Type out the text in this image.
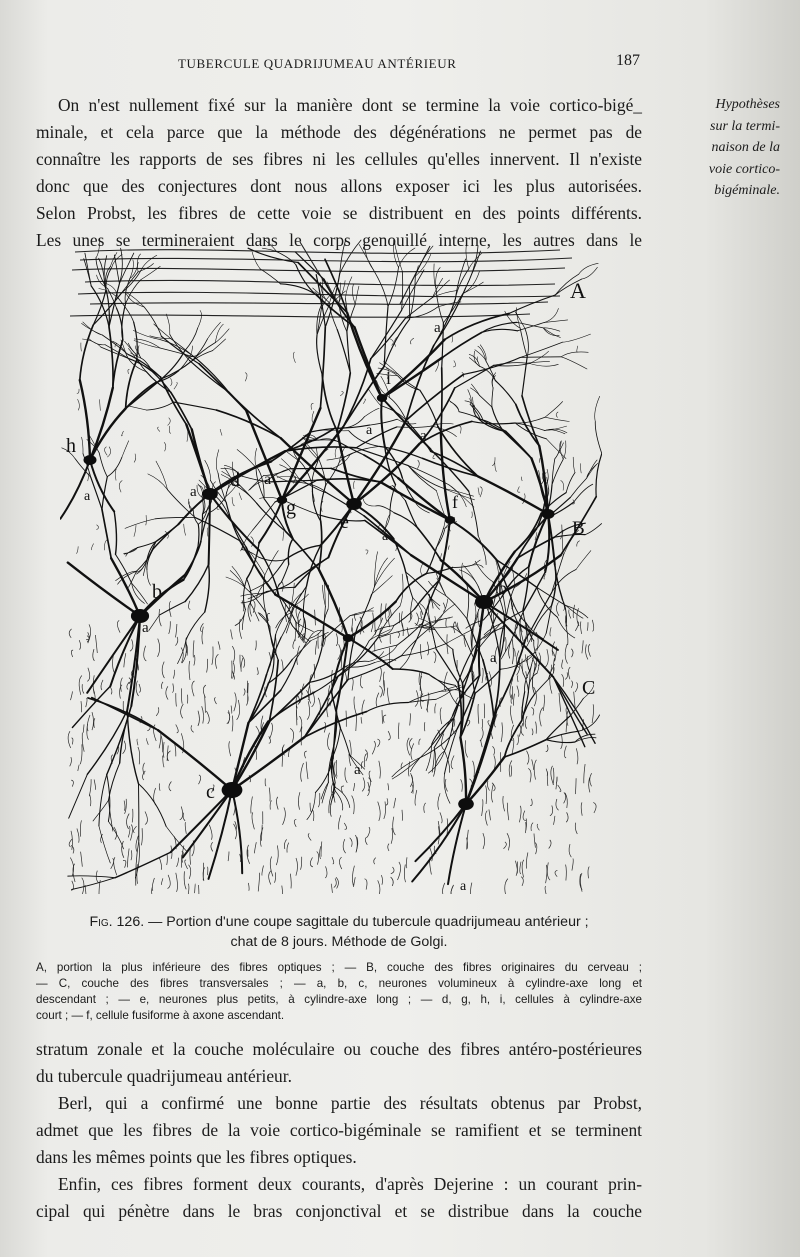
TUBERCULE QUADRIJUMEAU ANTÉRIEUR	187

On n'est nullement fixé sur la manière dont se termine la voie cortico-bigé_
minale, et cela parce que la méthode des dégénérations ne permet pas de
connaître les rapports de ses fibres ni les cellules qu'elles innervent. Il n'existe
donc que des conjectures dont nous allons exposer ici les plus autorisées.
Selon Probst, les fibres de cette voie se distribuent en des points différents.
Les unes se termineraient dans le corps genouillé interne, les autres dans le

Hypothèses
sur la termi-
naison de la
voie cortico-
bigéminale.
A
B
C
b	b
c
d
e
f
g
h
i
a
a
a
a
a
a
a
a
a
a
a
Fig. 126. — Portion d'une coupe sagittale du tubercule quadrijumeau antérieur ;
chat de 8 jours. Méthode de Golgi.
A, portion la plus inférieure des fibres optiques ; — B, couche des fibres originaires du cerveau ;
— C, couche des fibres transversales ; — a, b, c, neurones volumineux à cylindre-axe long et
descendant ; — e, neurones plus petits, à cylindre-axe long ; — d, g, h, i, cellules à cylindre-axe
court ; — f, cellule fusiforme à axone ascendant.

stratum zonale et la couche moléculaire ou couche des fibres antéro-postérieures
du tubercule quadrijumeau antérieur.
Berl, qui a confirmé une bonne partie des résultats obtenus par Probst,
admet que les fibres de la voie cortico-bigéminale se ramifient et se terminent
dans les mêmes points que les fibres optiques.
Enfin, ces fibres forment deux courants, d'après Dejerine : un courant prin-
cipal qui pénètre dans le bras conjonctival et se distribue dans la couche
